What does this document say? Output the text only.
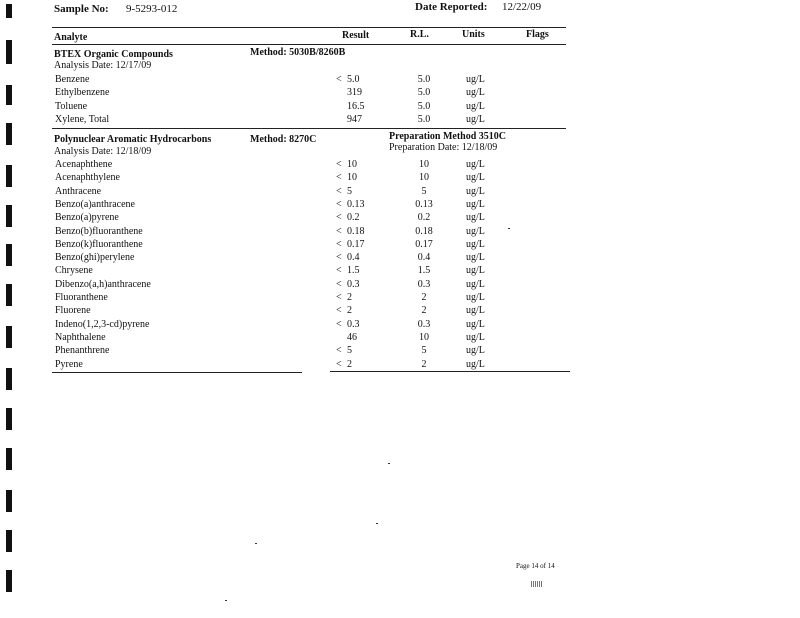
Sample No: 9-5293-012	Date Reported: 12/22/09
Analyte	Result	R.L.	Units	Flags
BTEX Organic Compounds	Method: 5030B/8260B
Analysis Date: 12/17/09
Benzene	< 5.0	5.0	ug/L
Ethylbenzene	319	5.0	ug/L
Toluene	16.5	5.0	ug/L
Xylene, Total	947	5.0	ug/L
Polynuclear Aromatic Hydrocarbons	Method: 8270C	Preparation Method 3510C
Preparation Date: 12/18/09
Analysis Date: 12/18/09
Acenaphthene	< 10	10	ug/L
Acenaphthylene	< 10	10	ug/L
Anthracene	< 5	5	ug/L
Benzo(a)anthracene	< 0.13	0.13	ug/L
Benzo(a)pyrene	< 0.2	0.2	ug/L
Benzo(b)fluoranthene	< 0.18	0.18	ug/L
Benzo(k)fluoranthene	< 0.17	0.17	ug/L
Benzo(ghi)perylene	< 0.4	0.4	ug/L
Chrysene	< 1.5	1.5	ug/L
Dibenzo(a,h)anthracene	< 0.3	0.3	ug/L
Fluoranthene	< 2	2	ug/L
Fluorene	< 2	2	ug/L
Indeno(1,2,3-cd)pyrene	< 0.3	0.3	ug/L
Naphthalene	46	10	ug/L
Phenanthrene	< 5	5	ug/L
Pyrene	< 2	2	ug/L
Page 14 of 14
